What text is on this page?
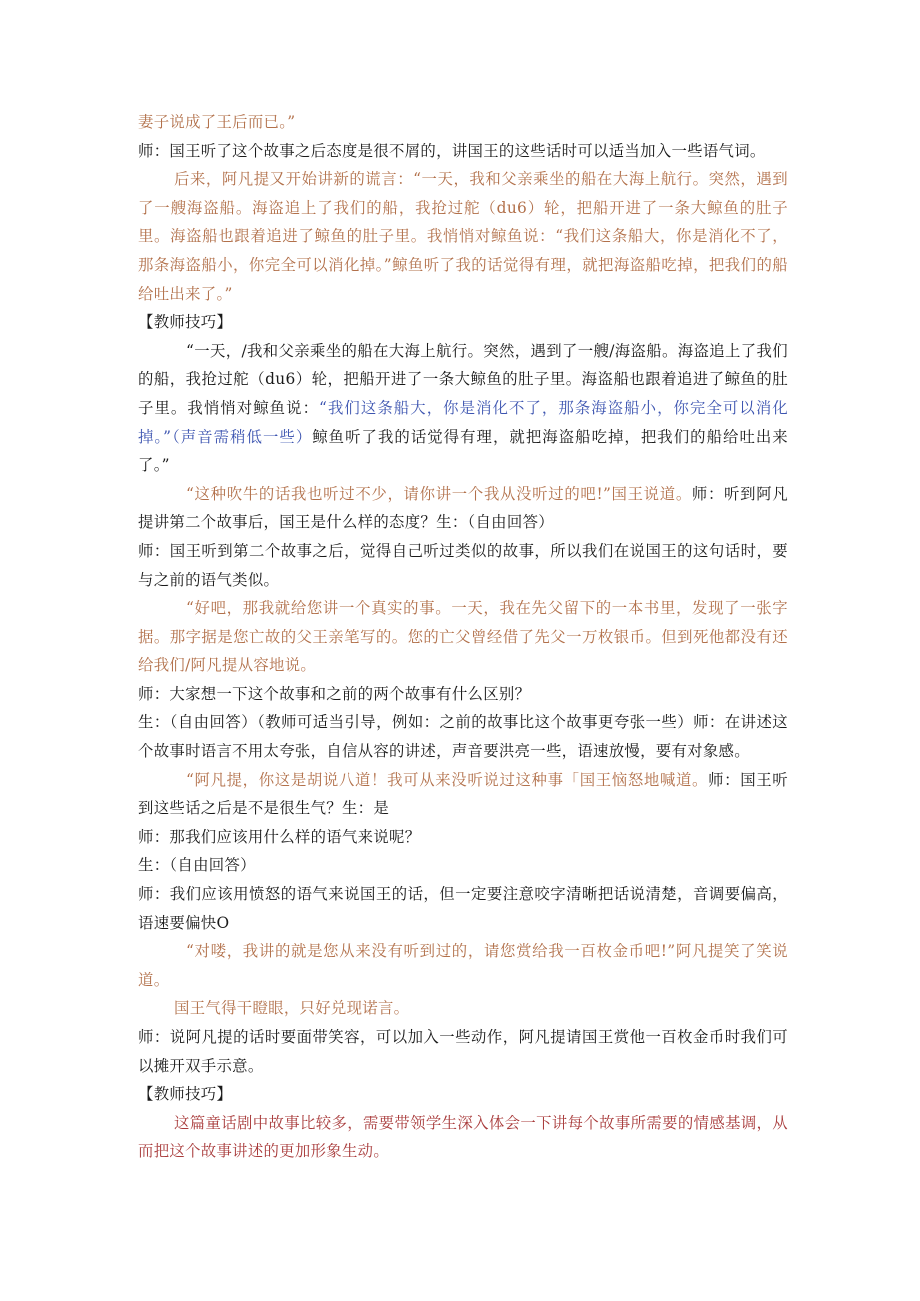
妻子说成了王后而已。”

师：国王听了这个故事之后态度是很不屑的，讲国王的这些话时可以适当加入一些语气词。

后来，阿凡提又开始讲新的谎言：“一天，我和父亲乘坐的船在大海上航行。突然，遇到了一艘海盗船。海盗追上了我们的船，我抢过舵（du6）轮，把船开进了一条大鲸鱼的肚子里。海盗船也跟着追进了鲸鱼的肚子里。我悄悄对鲸鱼说：“我们这条船大，你是消化不了，那条海盗船小，你完全可以消化掉。”鲸鱼听了我的话觉得有理，就把海盗船吃掉，把我们的船给吐出来了。”

【教师技巧】

“一天，/我和父亲乘坐的船在大海上航行。突然，遇到了一艘/海盗船。海盗追上了我们的船，我抢过舵（du6）轮，把船开进了一条大鲸鱼的肚子里。海盗船也跟着追进了鲸鱼的肚子里。我悄悄对鲸鱼说：“我们这条船大，你是消化不了，那条海盗船小，你完全可以消化掉。”（声音需稍低一些）鲸鱼听了我的话觉得有理，就把海盗船吃掉，把我们的船给吐出来了。”

“这种吹牛的话我也听过不少，请你讲一个我从没听过的吧!”国王说道。师：听到阿凡提讲第二个故事后，国王是什么样的态度？生：（自由回答）

师：国王听到第二个故事之后，觉得自己听过类似的故事，所以我们在说国王的这句话时，要与之前的语气类似。

“好吧，那我就给您讲一个真实的事。一天，我在先父留下的一本书里，发现了一张字据。那字据是您亡故的父王亲笔写的。您的亡父曾经借了先父一万枚银币。但到死他都没有还给我们/阿凡提从容地说。

师：大家想一下这个故事和之前的两个故事有什么区别？

生：（自由回答）（教师可适当引导，例如：之前的故事比这个故事更夸张一些）师：在讲述这个故事时语言不用太夸张，自信从容的讲述，声音要洪亮一些，语速放慢，要有对象感。

“阿凡提，你这是胡说八道！我可从来没听说过这种事「国王恼怒地喊道。师：国王听到这些话之后是不是很生气？生：是

师：那我们应该用什么样的语气来说呢？

生：（自由回答）

师：我们应该用愤怒的语气来说国王的话，但一定要注意咬字清晰把话说清楚，音调要偏高，语速要偏快O

“对喽，我讲的就是您从来没有听到过的，请您赏给我一百枚金币吧!”阿凡提笑了笑说道。

国王气得干瞪眼，只好兑现诺言。

师：说阿凡提的话时要面带笑容，可以加入一些动作，阿凡提请国王赏他一百枚金币时我们可以摊开双手示意。

【教师技巧】

这篇童话剧中故事比较多，需要带领学生深入体会一下讲每个故事所需要的情感基调，从而把这个故事讲述的更加形象生动。
